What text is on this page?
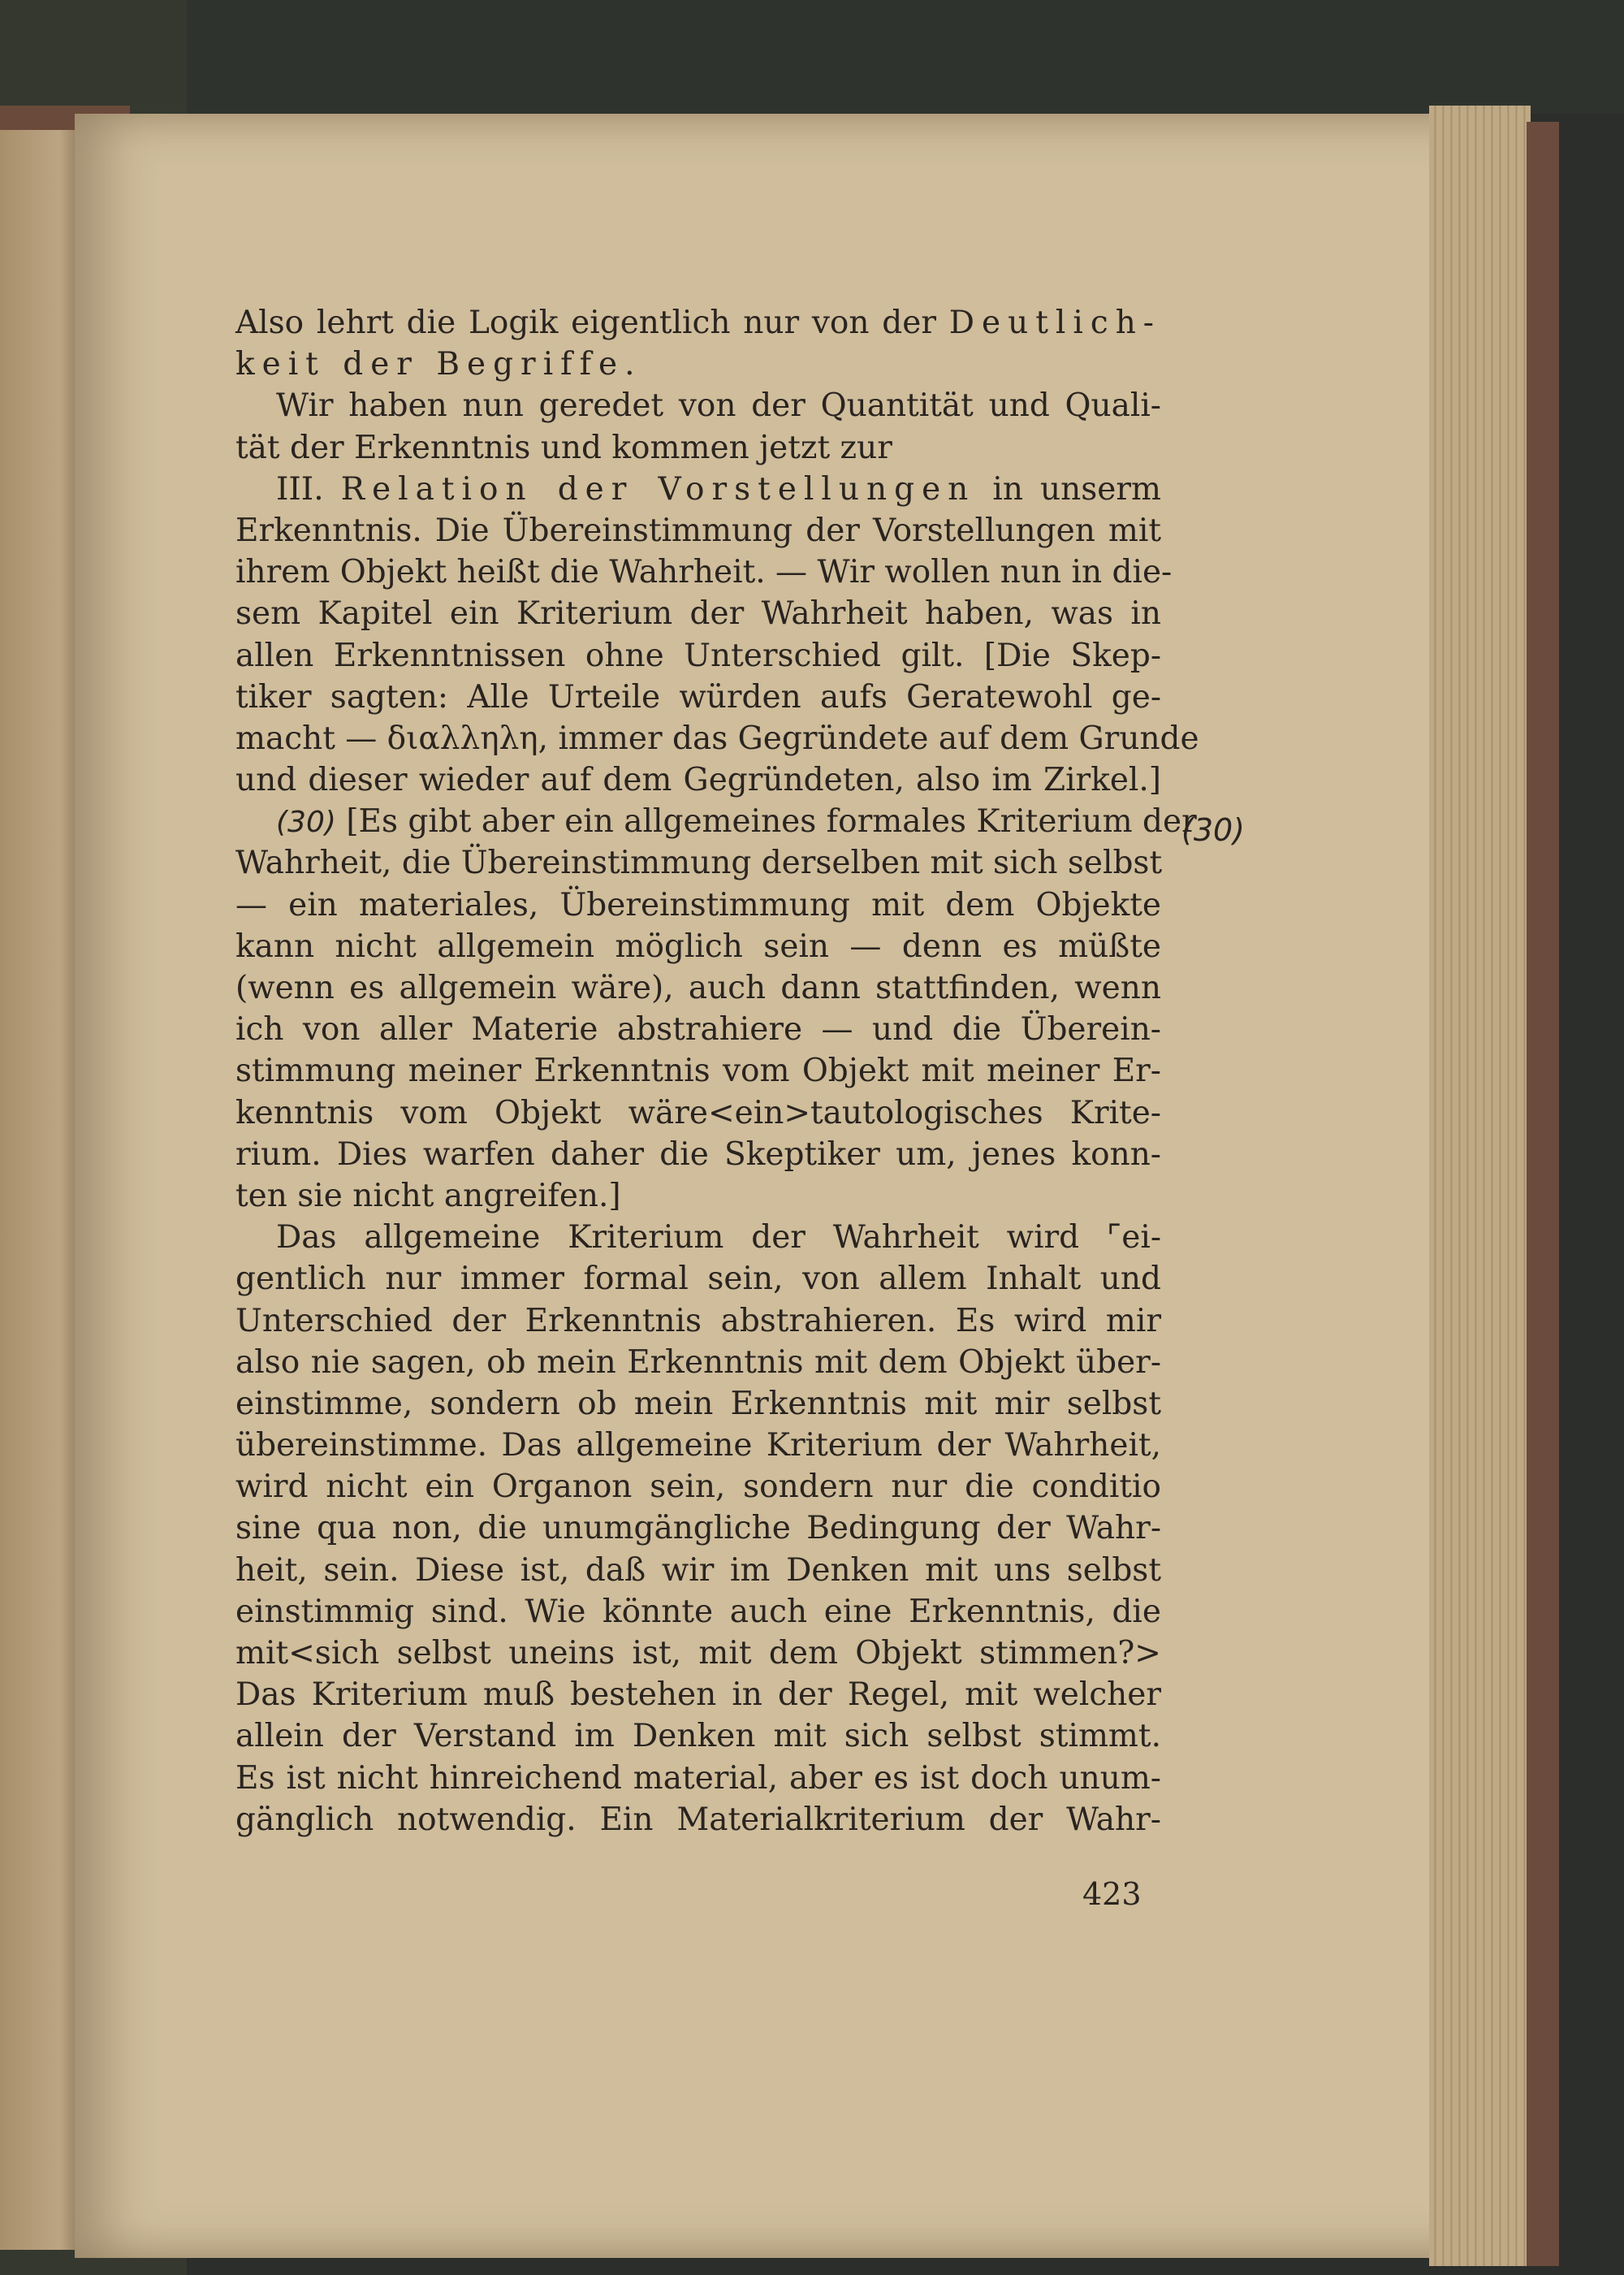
Also lehrt die Logik eigentlich nur von der Deutlich-
keit der Begriffe.
Wir haben nun geredet von der Quantität und Quali-
tät der Erkenntnis und kommen jetzt zur
III. Relation der Vorstellungen in unserm
Erkenntnis. Die Übereinstimmung der Vorstellungen mit
ihrem Objekt heißt die Wahrheit. — Wir wollen nun in die-
sem Kapitel ein Kriterium der Wahrheit haben, was in
allen Erkenntnissen ohne Unterschied gilt. [Die Skep-
tiker sagten: Alle Urteile würden aufs Geratewohl ge-
macht — διαλληλη, immer das Gegründete auf dem Grunde
und dieser wieder auf dem Gegründeten, also im Zirkel.]
(30) [Es gibt aber ein allgemeines formales Kriterium der
Wahrheit, die Übereinstimmung derselben mit sich selbst
— ein materiales, Übereinstimmung mit dem Objekte
kann nicht allgemein möglich sein — denn es müßte
(wenn es allgemein wäre), auch dann stattfinden, wenn
ich von aller Materie abstrahiere — und die Überein-
stimmung meiner Erkenntnis vom Objekt mit meiner Er-
kenntnis vom Objekt wäre<ein>tautologisches Krite-
rium. Dies warfen daher die Skeptiker um, jenes konn-
ten sie nicht angreifen.]
Das allgemeine Kriterium der Wahrheit wird ⌜ei-
gentlich nur immer formal sein, von allem Inhalt und
Unterschied der Erkenntnis abstrahieren. Es wird mir
also nie sagen, ob mein Erkenntnis mit dem Objekt über-
einstimme, sondern ob mein Erkenntnis mit mir selbst
übereinstimme. Das allgemeine Kriterium der Wahrheit,
wird nicht ein Organon sein, sondern nur die conditio
sine qua non, die unumgängliche Bedingung der Wahr-
heit, sein. Diese ist, daß wir im Denken mit uns selbst
einstimmig sind. Wie könnte auch eine Erkenntnis, die
mit<sich selbst uneins ist, mit dem Objekt stimmen?>
Das Kriterium muß bestehen in der Regel, mit welcher
allein der Verstand im Denken mit sich selbst stimmt.
Es ist nicht hinreichend material, aber es ist doch unum-
gänglich notwendig. Ein Materialkriterium der Wahr-
(30)
423
